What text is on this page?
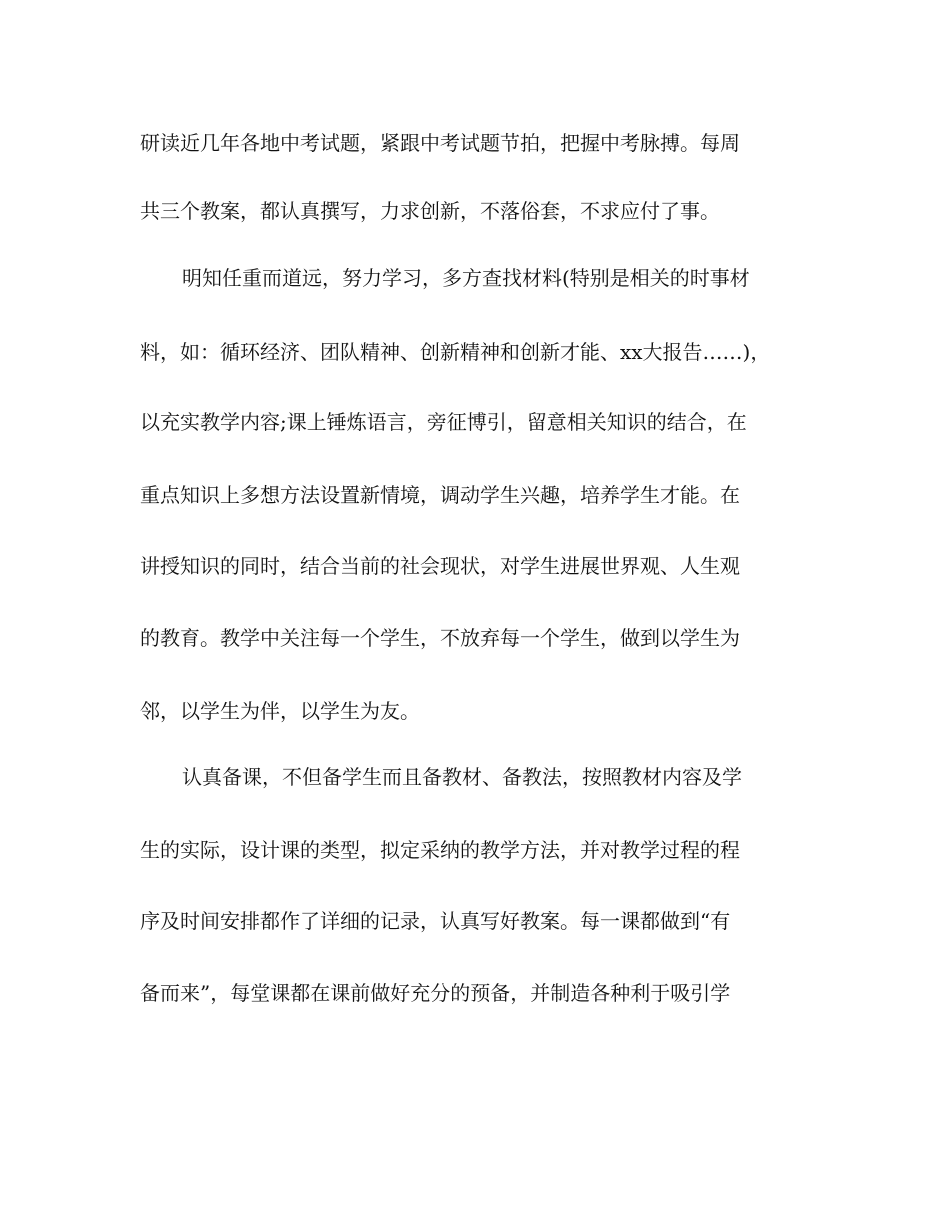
研读近几年各地中考试题，紧跟中考试题节拍，把握中考脉搏。每周
共三个教案，都认真撰写，力求创新，不落俗套，不求应付了事。
明知任重而道远，努力学习，多方查找材料(特别是相关的时事材
料，如：循环经济、团队精神、创新精神和创新才能、xx大报告……)，
以充实教学内容;课上锤炼语言，旁征博引，留意相关知识的结合，在
重点知识上多想方法设置新情境，调动学生兴趣，培养学生才能。在
讲授知识的同时，结合当前的社会现状，对学生进展世界观、人生观
的教育。教学中关注每一个学生，不放弃每一个学生，做到以学生为
邻，以学生为伴，以学生为友。
认真备课，不但备学生而且备教材、备教法，按照教材内容及学
生的实际，设计课的类型，拟定采纳的教学方法，并对教学过程的程
序及时间安排都作了详细的记录，认真写好教案。每一课都做到“有
备而来”，每堂课都在课前做好充分的预备，并制造各种利于吸引学
